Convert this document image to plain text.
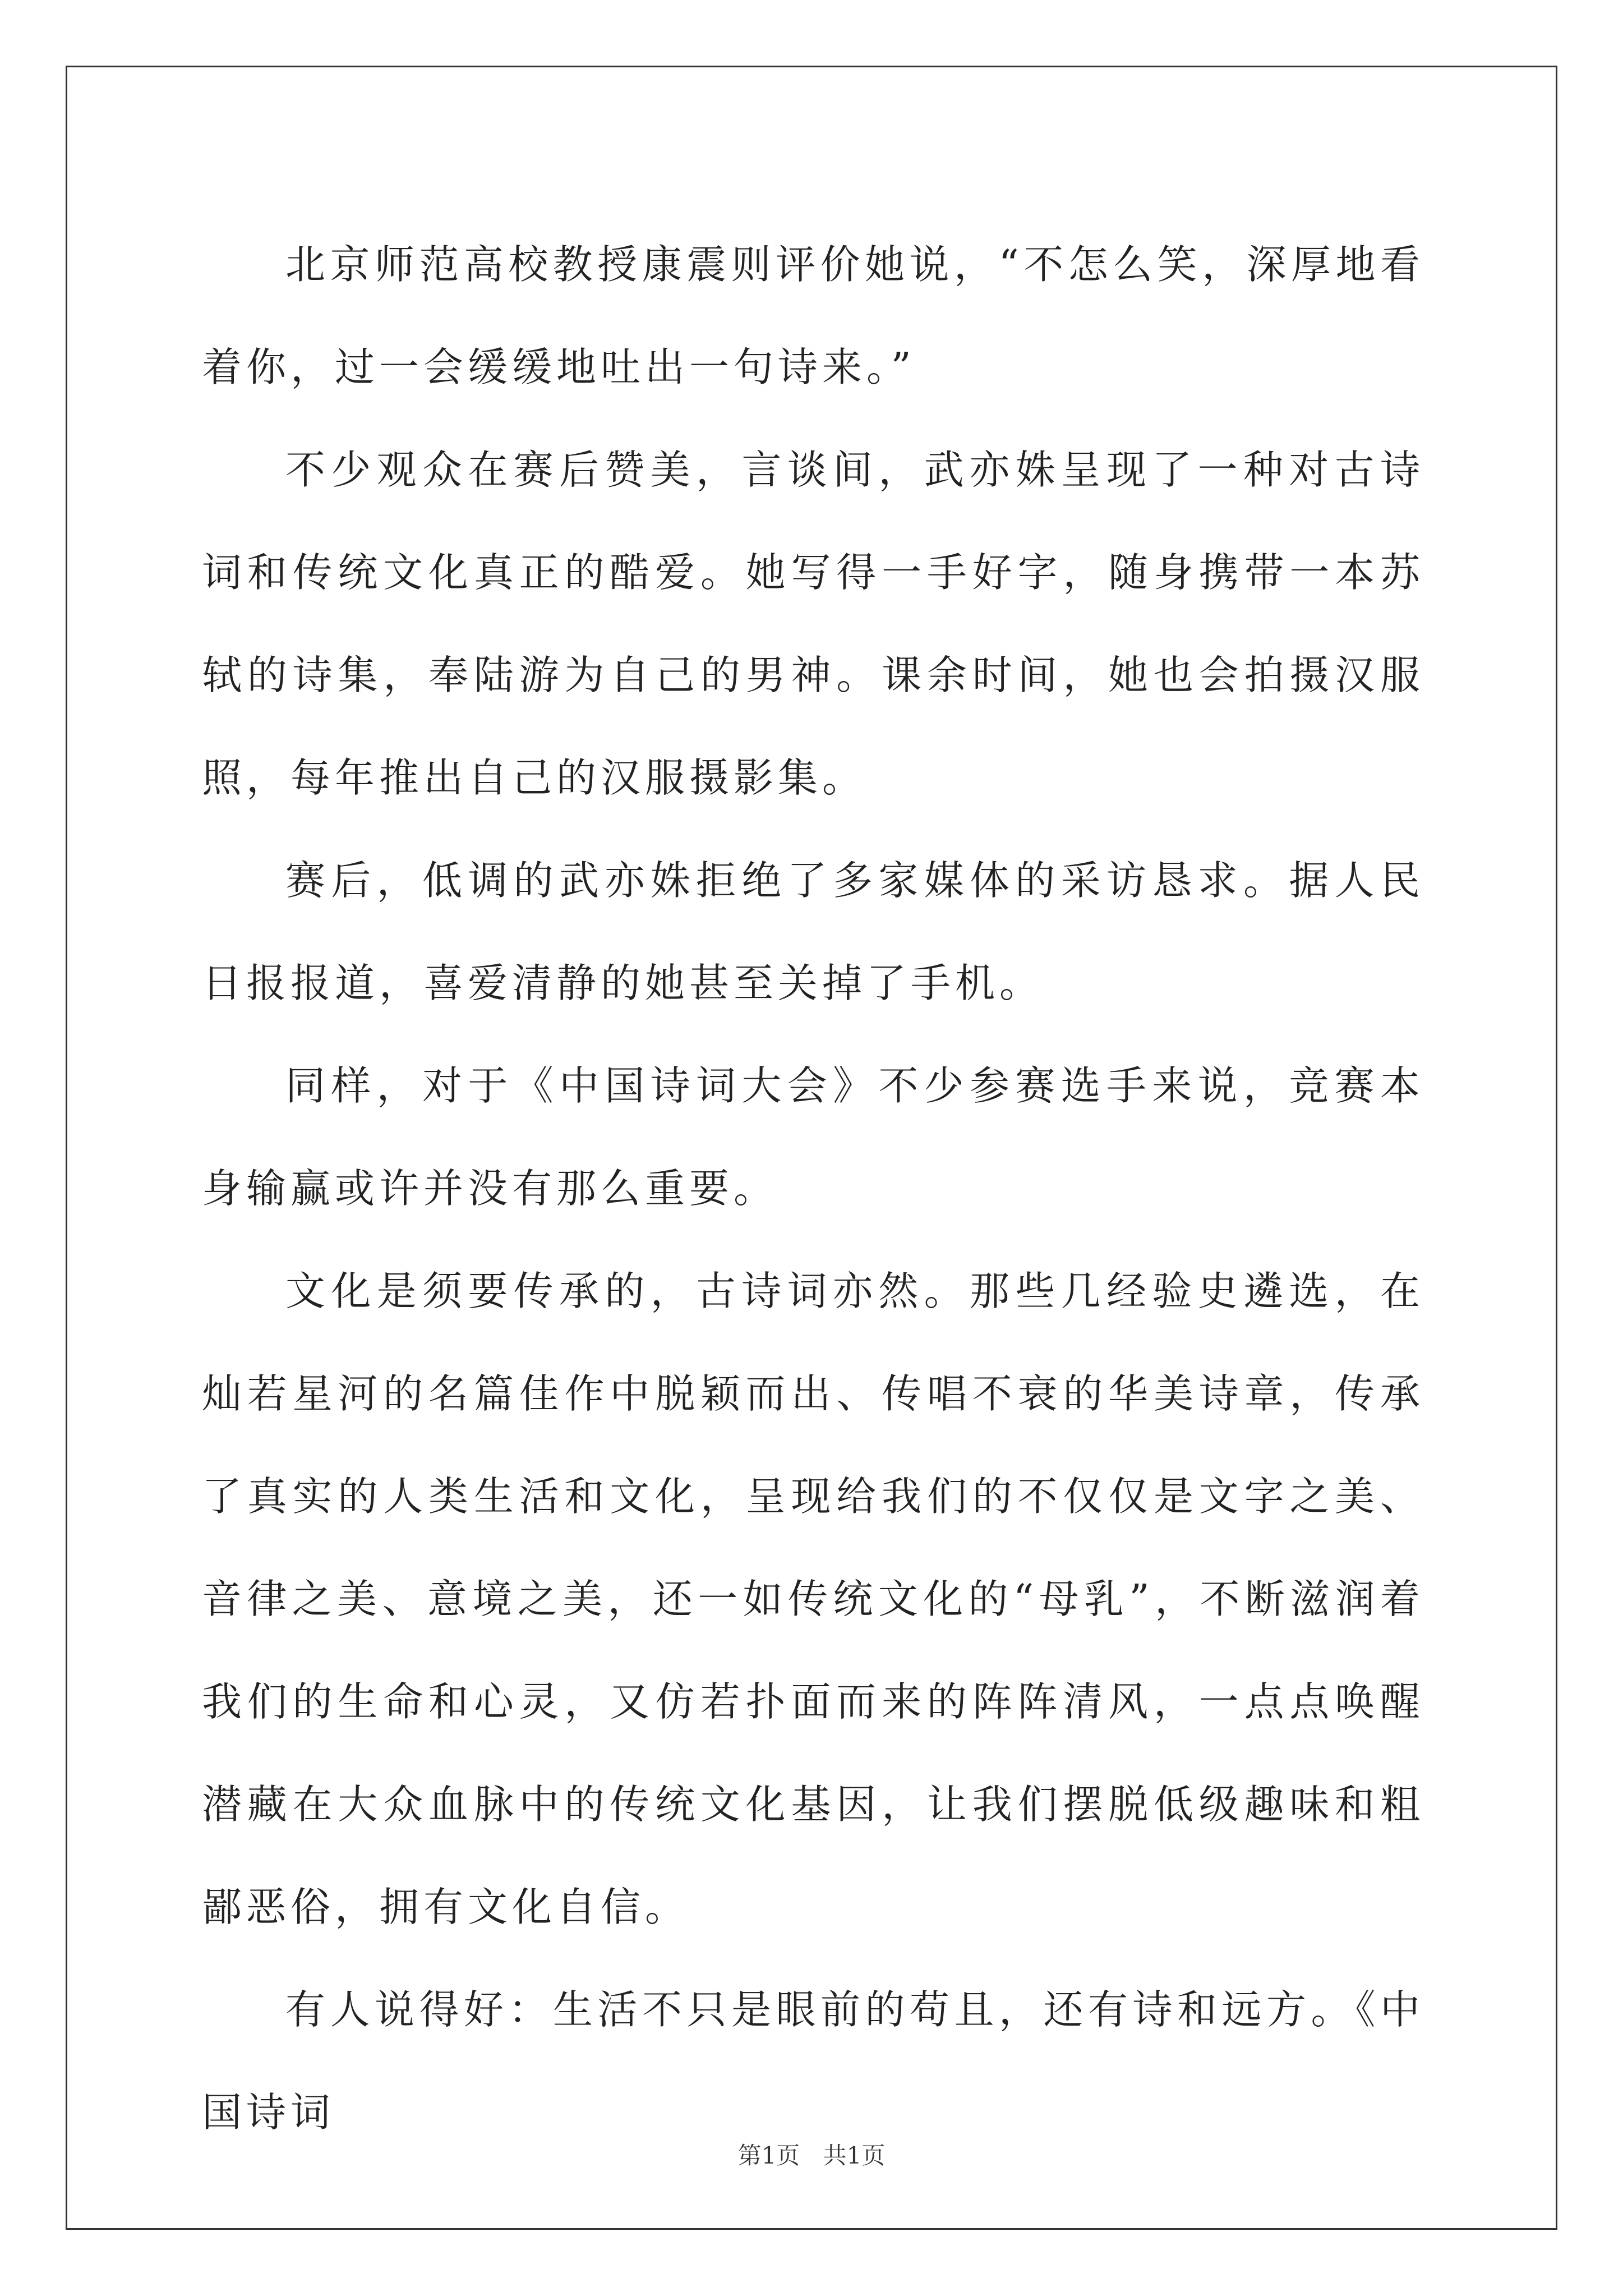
北京师范高校教授康震则评价她说，“不怎么笑，深厚地看着你，过一会缓缓地吐出一句诗来。”

不少观众在赛后赞美，言谈间，武亦姝呈现了一种对古诗词和传统文化真正的酷爱。她写得一手好字，随身携带一本苏轼的诗集，奉陆游为自己的男神。课余时间，她也会拍摄汉服照，每年推出自己的汉服摄影集。

赛后，低调的武亦姝拒绝了多家媒体的采访恳求。据人民日报报道，喜爱清静的她甚至关掉了手机。

同样，对于《中国诗词大会》不少参赛选手来说，竞赛本身输赢或许并没有那么重要。

文化是须要传承的，古诗词亦然。那些几经验史遴选，在灿若星河的名篇佳作中脱颖而出、传唱不衰的华美诗章，传承了真实的人类生活和文化，呈现给我们的不仅仅是文字之美、音律之美、意境之美，还一如传统文化的“母乳”，不断滋润着我们的生命和心灵，又仿若扑面而来的阵阵清风，一点点唤醒潜藏在大众血脉中的传统文化基因，让我们摆脱低级趣味和粗鄙恶俗，拥有文化自信。

有人说得好：生活不只是眼前的苟且，还有诗和远方。《中国诗词

第1页 共1页
